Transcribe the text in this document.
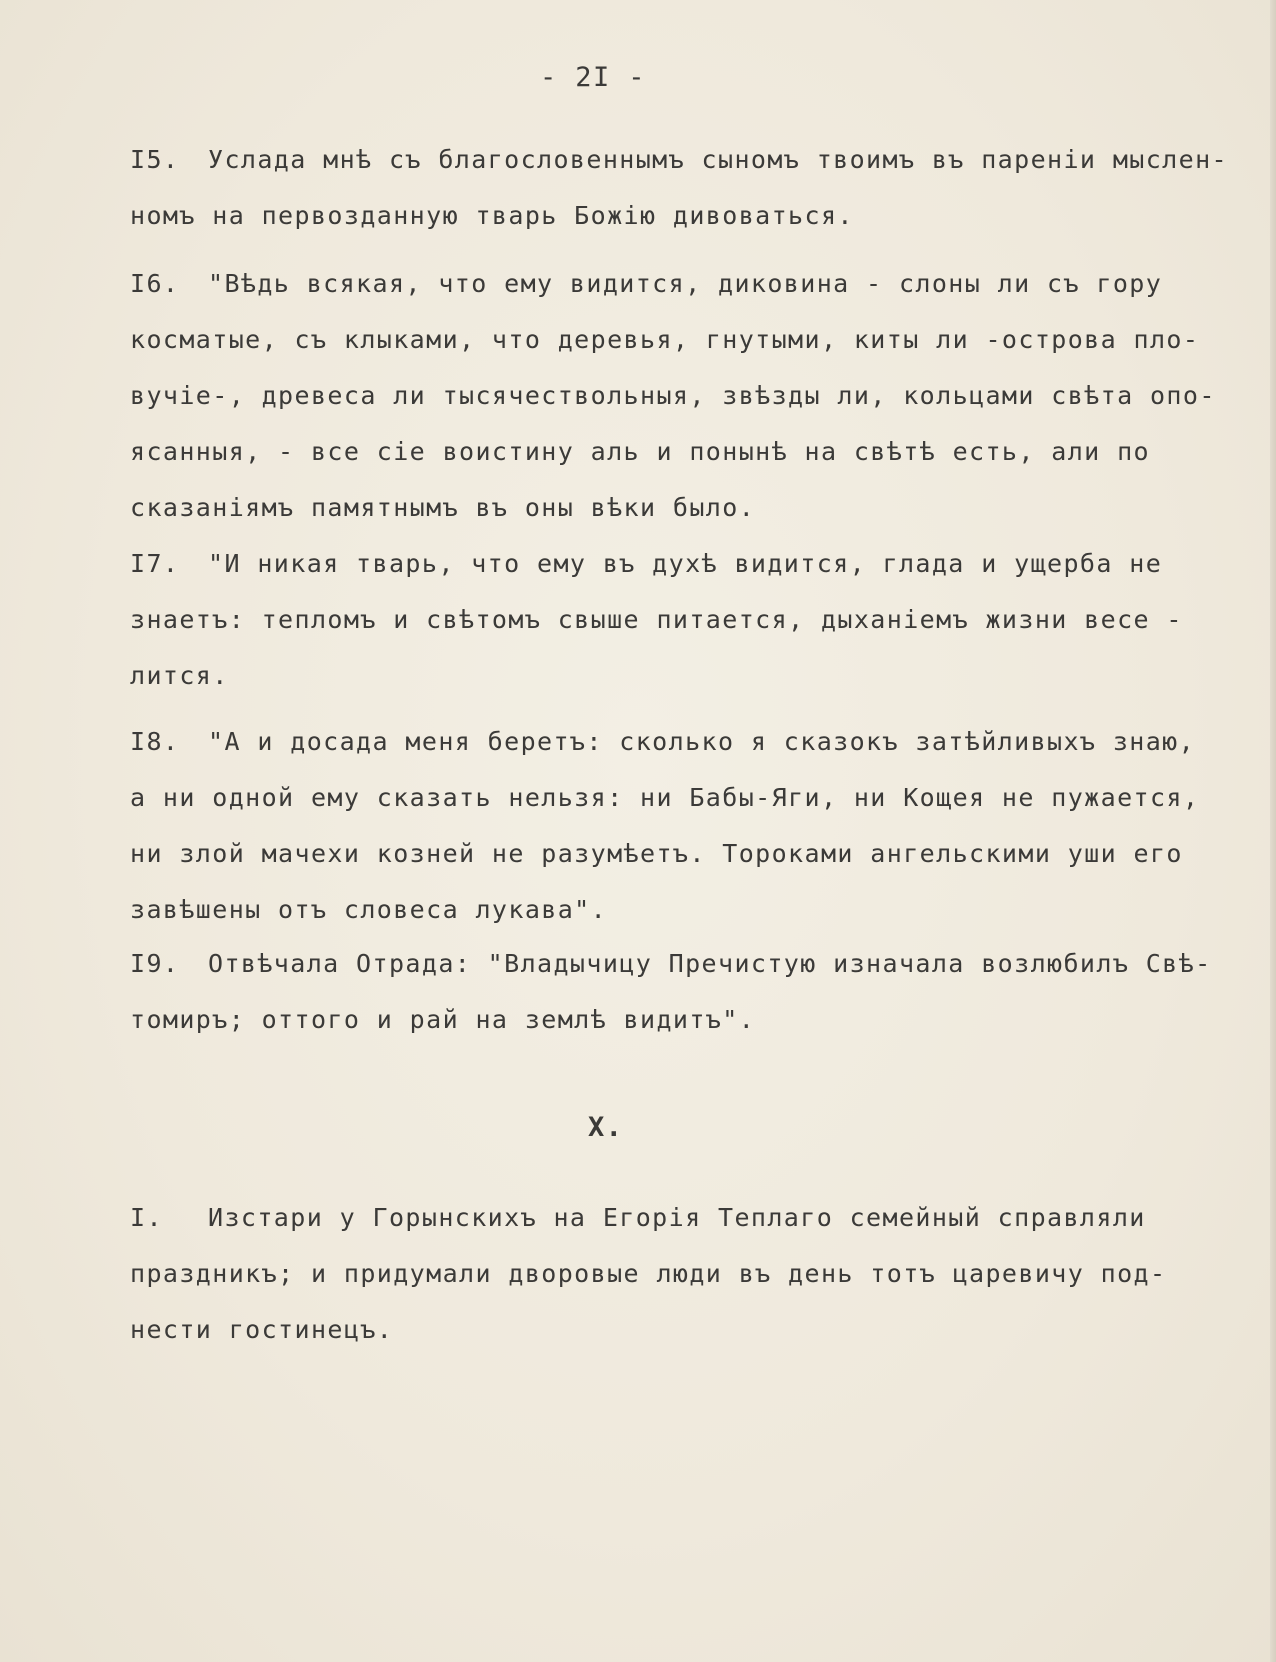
- 2I -

I5. Услада мнѣ съ благословеннымъ сыномъ твоимъ въ пареніи мыслен-
номъ на первозданную тварь Божію дивоваться.
I6. "Вѣдь всякая, что ему видится, диковина - слоны ли съ гору
косматые, съ клыками, что деревья, гнутыми, киты ли -острова пло-
вучіе-, древеса ли тысячествольныя, звѣзды ли, кольцами свѣта опо-
ясанныя, - все сіе воистину аль и понынѣ на свѣтѣ есть, али по
сказаніямъ памятнымъ въ оны вѣки было.
I7. "И никая тварь, что ему въ духѣ видится, глада и ущерба не
знаетъ: тепломъ и свѣтомъ свыше питается, дыханіемъ жизни весе -
лится.
I8. "А и досада меня беретъ: сколько я сказокъ затѣйливыхъ знаю,
а ни одной ему сказать нельзя: ни Бабы-Яги, ни Кощея не пужается,
ни злой мачехи козней не разумѣетъ. Тороками ангельскими уши его
завѣшены отъ словеса лукава".
I9. Отвѣчала Отрада: "Владычицу Пречистую изначала возлюбилъ Свѣ-
томиръ; оттого и рай на землѣ видитъ".

X.

I. Изстари у Горынскихъ на Егорія Теплаго семейный справляли
праздникъ; и придумали дворовые люди въ день тотъ царевичу под-
нести гостинецъ.
